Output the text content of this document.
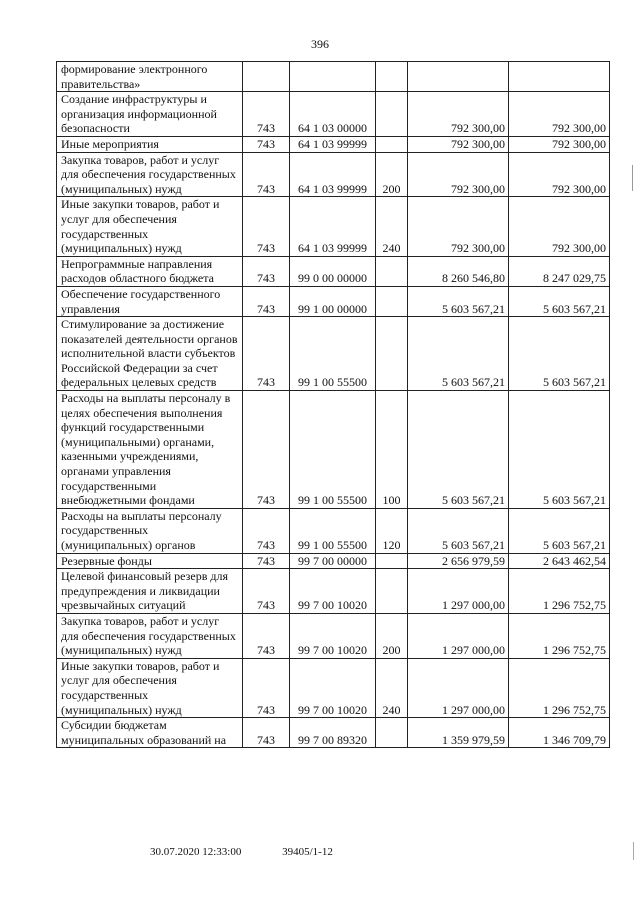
396
формирование электронного правительства»					
Создание инфраструктуры и организация информационной безопасности	743	64 1 03 00000		792 300,00	792 300,00
Иные мероприятия	743	64 1 03 99999		792 300,00	792 300,00
Закупка товаров, работ и услуг для обеспечения государственных (муниципальных) нужд	743	64 1 03 99999	200	792 300,00	792 300,00
Иные закупки товаров, работ и услуг для обеспечения государственных (муниципальных) нужд	743	64 1 03 99999	240	792 300,00	792 300,00
Непрограммные направления расходов областного бюджета	743	99 0 00 00000		8 260 546,80	8 247 029,75
Обеспечение государственного управления	743	99 1 00 00000		5 603 567,21	5 603 567,21
Стимулирование за достижение показателей деятельности органов исполнительной власти субъектов Российской Федерации за счет федеральных целевых средств	743	99 1 00 55500		5 603 567,21	5 603 567,21
Расходы на выплаты персоналу в целях обеспечения выполнения функций государственными (муниципальными) органами, казенными учреждениями, органами управления государственными внебюджетными фондами	743	99 1 00 55500	100	5 603 567,21	5 603 567,21
Расходы на выплаты персоналу государственных (муниципальных) органов	743	99 1 00 55500	120	5 603 567,21	5 603 567,21
Резервные фонды	743	99 7 00 00000		2 656 979,59	2 643 462,54
Целевой финансовый резерв для предупреждения и ликвидации чрезвычайных ситуаций	743	99 7 00 10020		1 297 000,00	1 296 752,75
Закупка товаров, работ и услуг для обеспечения государственных (муниципальных) нужд	743	99 7 00 10020	200	1 297 000,00	1 296 752,75
Иные закупки товаров, работ и услуг для обеспечения государственных (муниципальных) нужд	743	99 7 00 10020	240	1 297 000,00	1 296 752,75
Субсидии бюджетам муниципальных образований на	743	99 7 00 89320		1 359 979,59	1 346 709,79
30.07.2020 12:33:00	39405/1-12
